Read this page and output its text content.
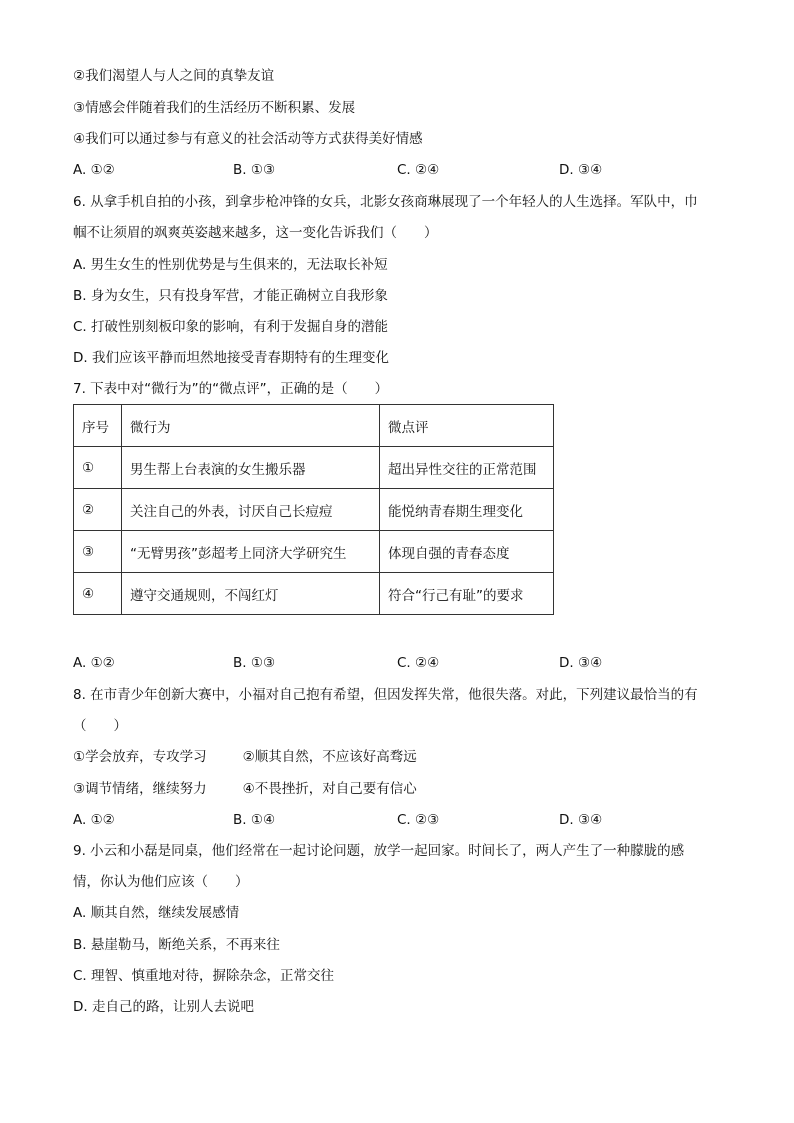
②我们渴望人与人之间的真挚友谊
③情感会伴随着我们的生活经历不断积累、发展
④我们可以通过参与有意义的社会活动等方式获得美好情感
A. ①②	B. ①③	C. ②④	D. ③④
6. 从拿手机自拍的小孩，到拿步枪冲锋的女兵，北影女孩商琳展现了一个年轻人的人生选择。军队中，巾
帼不让须眉的飒爽英姿越来越多，这一变化告诉我们（　　）
A. 男生女生的性别优势是与生俱来的，无法取长补短
B. 身为女生，只有投身军营，才能正确树立自我形象
C. 打破性别刻板印象的影响，有利于发掘自身的潜能
D. 我们应该平静而坦然地接受青春期特有的生理变化
7. 下表中对“微行为”的“微点评”，正确的是（　　）
序号	微行为	微点评
①	男生帮上台表演的女生搬乐器	超出异性交往的正常范围
②	关注自己的外表，讨厌自己长痘痘	能悦纳青春期生理变化
③	“无臂男孩”彭超考上同济大学研究生	体现自强的青春态度
④	遵守交通规则，不闯红灯	符合“行己有耻”的要求
A. ①②	B. ①③	C. ②④	D. ③④
8. 在市青少年创新大赛中，小福对自己抱有希望，但因发挥失常，他很失落。对此，下列建议最恰当的有
（　　）
①学会放弃，专攻学习	②顺其自然，不应该好高骛远
③调节情绪，继续努力	④不畏挫折，对自己要有信心
A. ①②	B. ①④	C. ②③	D. ③④
9. 小云和小磊是同桌，他们经常在一起讨论问题，放学一起回家。时间长了，两人产生了一种朦胧的感
情，你认为他们应该（　　）
A. 顺其自然，继续发展感情
B. 悬崖勒马，断绝关系，不再来往
C. 理智、慎重地对待，摒除杂念，正常交往
D. 走自己的路，让别人去说吧
